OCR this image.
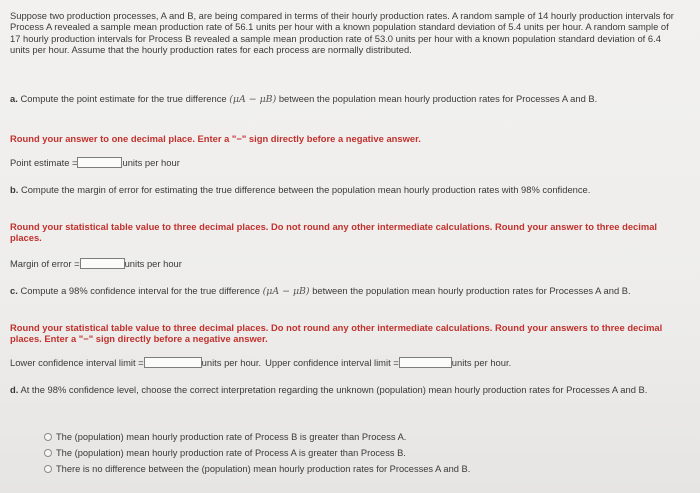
Suppose two production processes, A and B, are being compared in terms of their hourly production rates. A random sample of 14 hourly production intervals for Process A revealed a sample mean production rate of 56.1 units per hour with a known population standard deviation of 5.4 units per hour. A random sample of 17 hourly production intervals for Process B revealed a sample mean production rate of 53.0 units per hour with a known population standard deviation of 6.4 units per hour. Assume that the hourly production rates for each process are normally distributed.
a. Compute the point estimate for the true difference (μA − μB) between the population mean hourly production rates for Processes A and B.
Round your answer to one decimal place. Enter a "−" sign directly before a negative answer.
Point estimate =	units per hour
b. Compute the margin of error for estimating the true difference between the population mean hourly production rates with 98% confidence.
Round your statistical table value to three decimal places. Do not round any other intermediate calculations. Round your answer to three decimal places.
Margin of error =	units per hour
c. Compute a 98% confidence interval for the true difference (μA − μB) between the population mean hourly production rates for Processes A and B.
Round your statistical table value to three decimal places. Do not round any other intermediate calculations. Round your answers to three decimal places. Enter a "−" sign directly before a negative answer.
Lower confidence interval limit =	units per hour. Upper confidence interval limit =	units per hour.
d. At the 98% confidence level, choose the correct interpretation regarding the unknown (population) mean hourly production rates for Processes A and B.
The (population) mean hourly production rate of Process B is greater than Process A.
The (population) mean hourly production rate of Process A is greater than Process B.
There is no difference between the (population) mean hourly production rates for Processes A and B.
